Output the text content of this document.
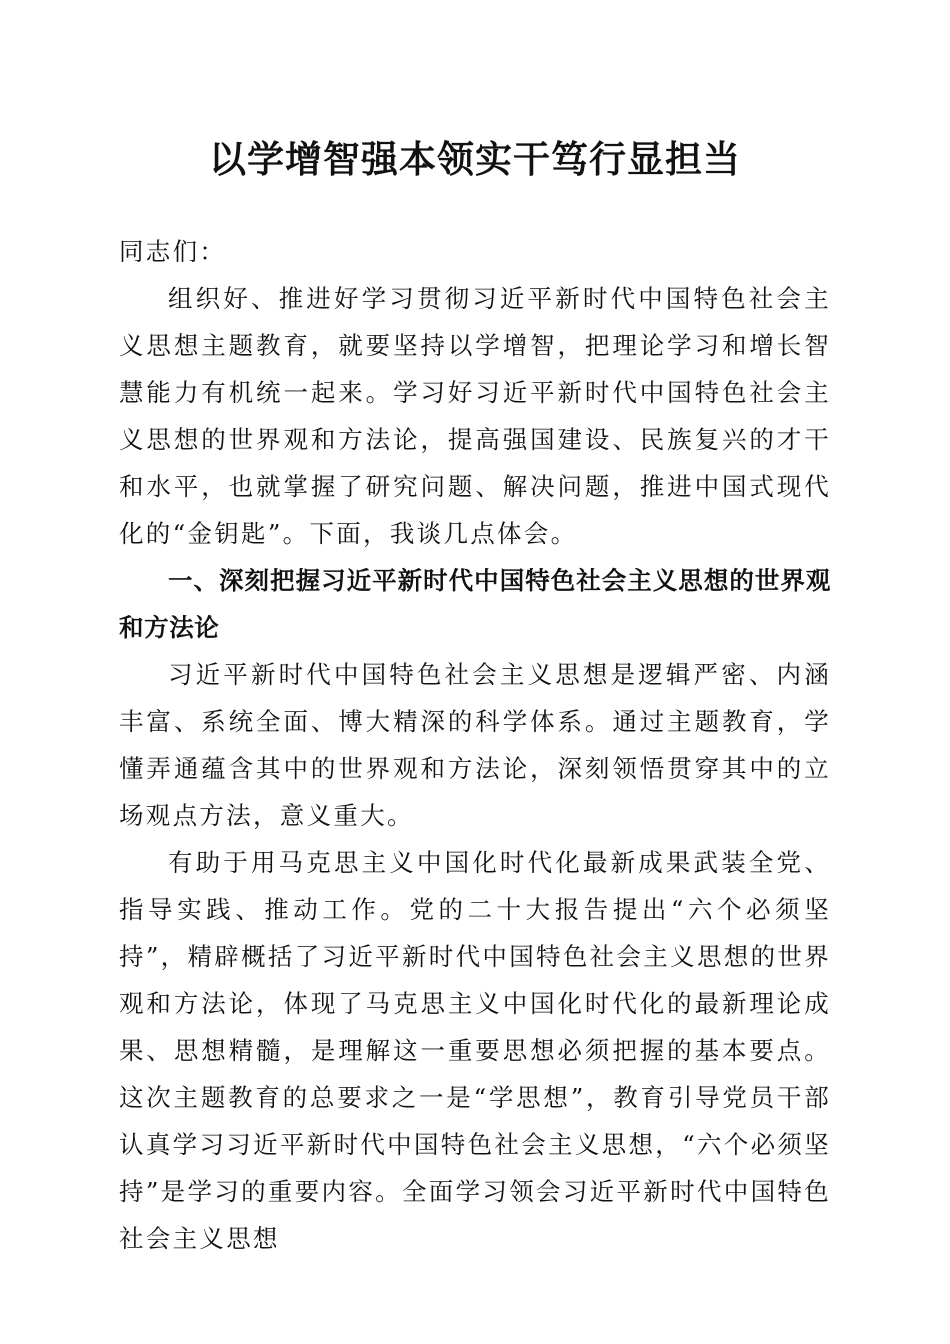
以学增智强本领实干笃行显担当

同志们：

组织好、推进好学习贯彻习近平新时代中国特色社会主义思想主题教育，就要坚持以学增智，把理论学习和增长智慧能力有机统一起来。学习好习近平新时代中国特色社会主义思想的世界观和方法论，提高强国建设、民族复兴的才干和水平，也就掌握了研究问题、解决问题，推进中国式现代化的“金钥匙”。下面，我谈几点体会。

一、深刻把握习近平新时代中国特色社会主义思想的世界观和方法论

习近平新时代中国特色社会主义思想是逻辑严密、内涵丰富、系统全面、博大精深的科学体系。通过主题教育，学懂弄通蕴含其中的世界观和方法论，深刻领悟贯穿其中的立场观点方法，意义重大。

有助于用马克思主义中国化时代化最新成果武装全党、指导实践、推动工作。党的二十大报告提出“六个必须坚持”，精辟概括了习近平新时代中国特色社会主义思想的世界观和方法论，体现了马克思主义中国化时代化的最新理论成果、思想精髓，是理解这一重要思想必须把握的基本要点。这次主题教育的总要求之一是“学思想”，教育引导党员干部认真学习习近平新时代中国特色社会主义思想，“六个必须坚持”是学习的重要内容。全面学习领会习近平新时代中国特色社会主义思想
